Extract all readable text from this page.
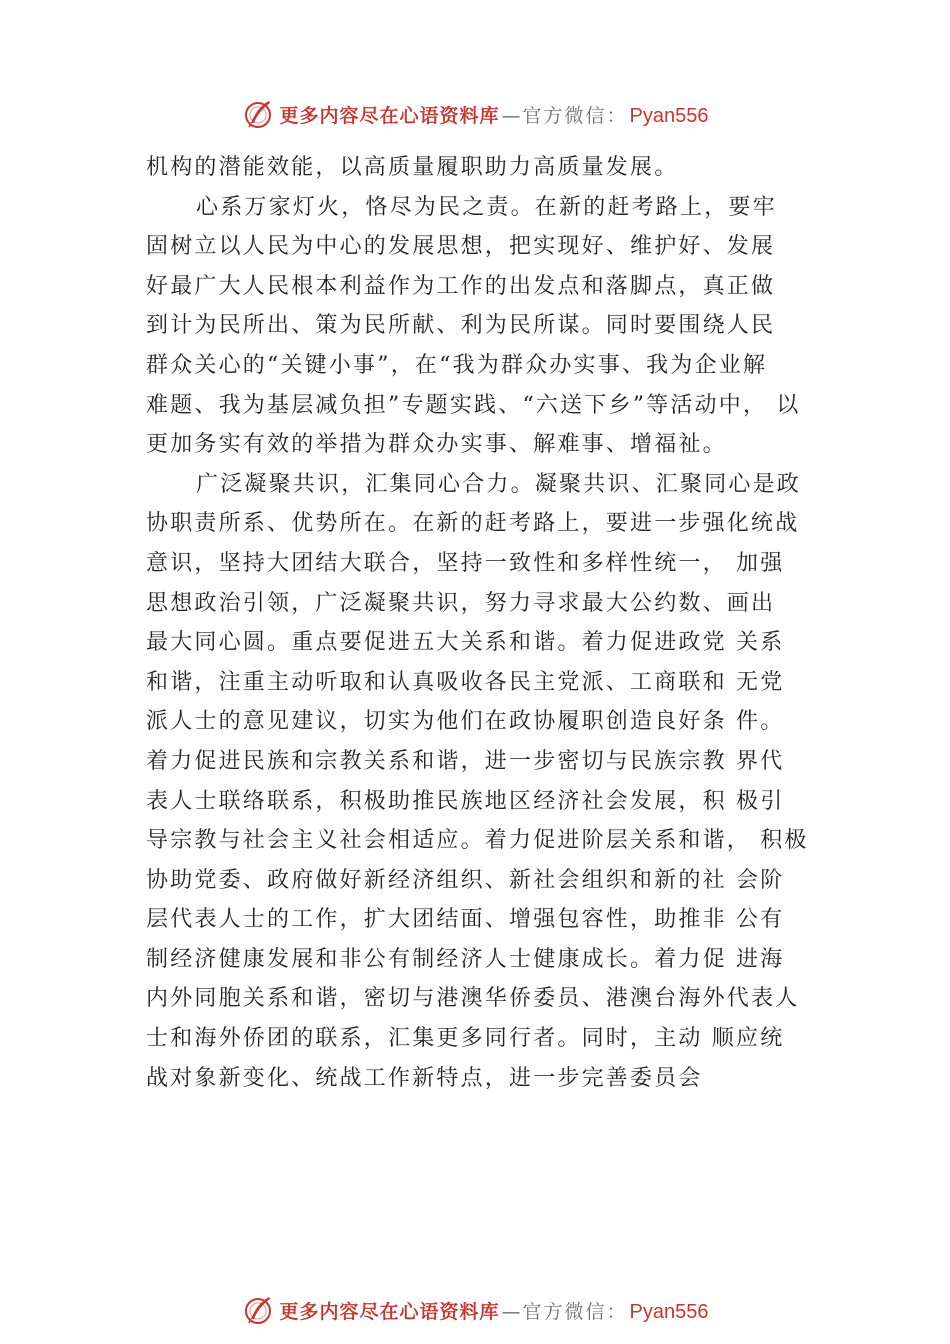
更多内容尽在心语资料库 — 官方微信： Pyan556
机构的潜能效能，以高质量履职助力高质量发展。
心系万家灯火，恪尽为民之责。在新的赶考路上，要牢
固树立以人民为中心的发展思想，把实现好、维护好、发展
好最广大人民根本利益作为工作的出发点和落脚点，真正做
到计为民所出、策为民所献、利为民所谋。同时要围绕人民
群众关心的“关键小事”，在“我为群众办实事、我为企业解
难题、我为基层减负担”专题实践、“六送下乡”等活动中， 以
更加务实有效的举措为群众办实事、解难事、增福祉。
广泛凝聚共识，汇集同心合力。凝聚共识、汇聚同心是政
协职责所系、优势所在。在新的赶考路上，要进一步强化统战
意识，坚持大团结大联合，坚持一致性和多样性统一， 加强
思想政治引领，广泛凝聚共识，努力寻求最大公约数、画出
最大同心圆。重点要促进五大关系和谐。着力促进政党 关系
和谐，注重主动听取和认真吸收各民主党派、工商联和 无党
派人士的意见建议，切实为他们在政协履职创造良好条 件。
着力促进民族和宗教关系和谐，进一步密切与民族宗教 界代
表人士联络联系，积极助推民族地区经济社会发展，积 极引
导宗教与社会主义社会相适应。着力促进阶层关系和谐， 积极
协助党委、政府做好新经济组织、新社会组织和新的社 会阶
层代表人士的工作，扩大团结面、增强包容性，助推非 公有
制经济健康发展和非公有制经济人士健康成长。着力促 进海
内外同胞关系和谐，密切与港澳华侨委员、港澳台海外代表人
士和海外侨团的联系，汇集更多同行者。同时，主动 顺应统
战对象新变化、统战工作新特点，进一步完善委员会
更多内容尽在心语资料库 — 官方微信： Pyan556
